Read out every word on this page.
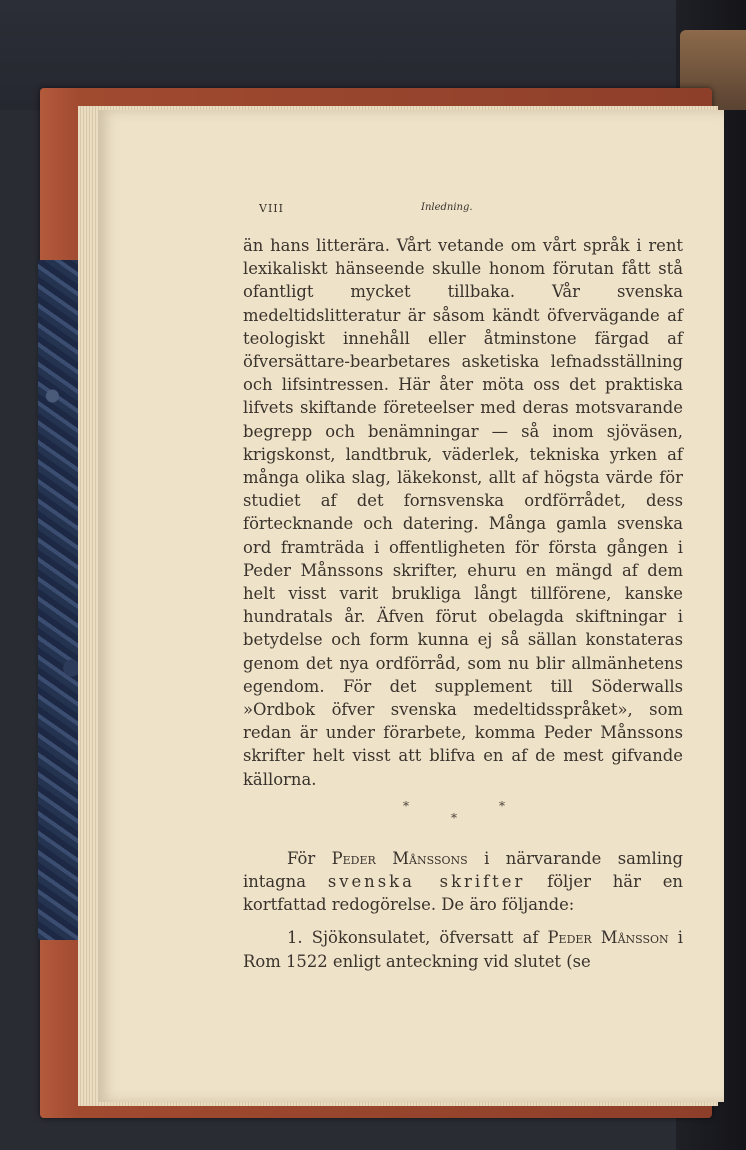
VIII	Inledning.

än hans litterära. Vårt vetande om vårt språk i rent lexikaliskt hänseende skulle honom förutan fått stå ofantligt mycket tillbaka. Vår svenska medeltidslitteratur är såsom kändt öfvervägande af teologiskt innehåll eller åtminstone färgad af öfversättare-bearbetares asketiska lefnadsställning och lifsintressen. Här åter möta oss det praktiska lifvets skiftande företeelser med deras motsvarande begrepp och benämningar — så inom sjöväsen, krigskonst, landtbruk, väderlek, tekniska yrken af många olika slag, läkekonst, allt af högsta värde för studiet af det fornsvenska ordförrådet, dess förtecknande och datering. Många gamla svenska ord framträda i offentligheten för första gången i Peder Månssons skrifter, ehuru en mängd af dem helt visst varit brukliga långt tillförene, kanske hundratals år. Äfven förut obelagda skiftningar i betydelse och form kunna ej så sällan konstateras genom det nya ordförråd, som nu blir allmänhetens egendom. För det supplement till Söderwalls »Ordbok öfver svenska medeltidsspråket», som redan är under förarbete, komma Peder Månssons skrifter helt visst att blifva en af de mest gifvande källorna.

*	*
*

För Peder Månssons i närvarande samling intagna svenska skrifter följer här en kortfattad redogörelse. De äro följande:

1. Sjökonsulatet, öfversatt af Peder Månsson i Rom 1522 enligt anteckning vid slutet (se
